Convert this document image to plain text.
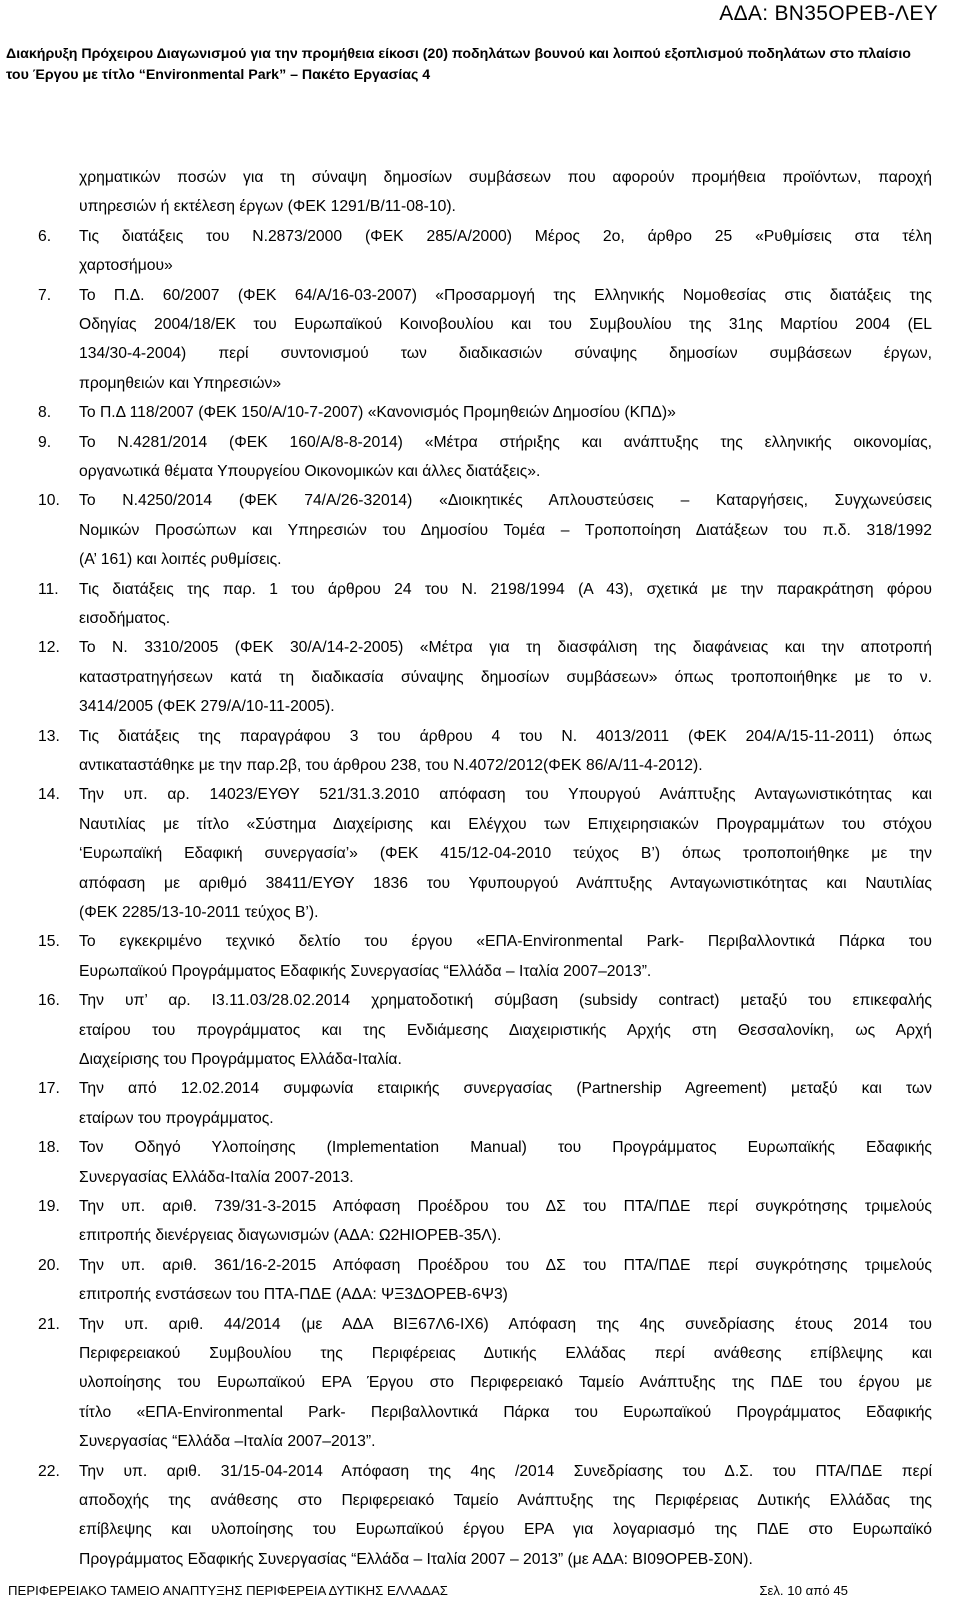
ΑΔΑ: ΒΝ35ΟΡΕΒ-ΛΕΥ
Διακήρυξη Πρόχειρου Διαγωνισμού για την προμήθεια είκοσι (20) ποδηλάτων βουνού και λοιπού εξοπλισμού ποδηλάτων στο πλαίσιο
του Έργου με τίτλο “Environmental Park” – Πακέτο Εργασίας 4
χρηματικών ποσών για τη σύναψη δημοσίων συμβάσεων που αφορούν προμήθεια προϊόντων, παροχή
υπηρεσιών ή εκτέλεση έργων (ΦΕΚ 1291/Β/11-08-10).
6. Τις διατάξεις του Ν.2873/2000 (ΦΕΚ 285/Α/2000) Μέρος 2ο, άρθρο 25 «Ρυθμίσεις στα τέλη
χαρτοσήμου»
7. Το Π.Δ. 60/2007 (ΦΕΚ 64/Α/16-03-2007) «Προσαρμογή της Ελληνικής Νομοθεσίας στις διατάξεις της
Οδηγίας 2004/18/ΕΚ του Ευρωπαϊκού Κοινοβουλίου και του Συμβουλίου της 31ης Μαρτίου 2004 (EL
134/30-4-2004) περί συντονισμού των διαδικασιών σύναψης δημοσίων συμβάσεων έργων,
προμηθειών και Υπηρεσιών»
8. Το Π.Δ 118/2007 (ΦΕΚ 150/Α/10-7-2007) «Κανονισμός Προμηθειών Δημοσίου (ΚΠΔ)»
9. Το Ν.4281/2014 (ΦΕΚ 160/Α/8-8-2014) «Μέτρα στήριξης και ανάπτυξης της ελληνικής οικονομίας,
οργανωτικά θέματα Υπουργείου Οικονομικών και άλλες διατάξεις».
10. Το Ν.4250/2014 (ΦΕΚ 74/Α/26-32014) «Διοικητικές Απλουστεύσεις – Καταργήσεις, Συγχωνεύσεις
Νομικών Προσώπων και Υπηρεσιών του Δημοσίου Τομέα – Τροποποίηση Διατάξεων του π.δ. 318/1992
(Α’ 161) και λοιπές ρυθμίσεις.
11. Τις διατάξεις της παρ. 1 του άρθρου 24 του Ν. 2198/1994 (Α 43), σχετικά με την παρακράτηση φόρου
εισοδήματος.
12. Το Ν. 3310/2005 (ΦΕΚ 30/Α/14-2-2005) «Μέτρα για τη διασφάλιση της διαφάνειας και την αποτροπή
καταστρατηγήσεων κατά τη διαδικασία σύναψης δημοσίων συμβάσεων» όπως τροποποιήθηκε με το ν.
3414/2005 (ΦΕΚ 279/Α/10-11-2005).
13. Τις διατάξεις της παραγράφου 3 του άρθρου 4 του Ν. 4013/2011 (ΦΕΚ 204/Α/15-11-2011) όπως
αντικαταστάθηκε με την παρ.2β, του άρθρου 238, του Ν.4072/2012(ΦΕΚ 86/Α/11-4-2012).
14. Την υπ. αρ. 14023/ΕΥΘΥ 521/31.3.2010 απόφαση του Υπουργού Ανάπτυξης Ανταγωνιστικότητας και
Ναυτιλίας με τίτλο «Σύστημα Διαχείρισης και Ελέγχου των Επιχειρησιακών Προγραμμάτων του στόχου
‘Ευρωπαϊκή Εδαφική συνεργασία’» (ΦΕΚ 415/12-04-2010 τεύχος Β’) όπως τροποποιήθηκε με την
απόφαση με αριθμό 38411/ΕΥΘΥ 1836 του Υφυπουργού Ανάπτυξης Ανταγωνιστικότητας και Ναυτιλίας
(ΦΕΚ 2285/13-10-2011 τεύχος Β’).
15. Το εγκεκριμένο τεχνικό δελτίο του έργου «ΕΠΑ-Environmental Park- Περιβαλλοντικά Πάρκα του
Ευρωπαϊκού Προγράμματος Εδαφικής Συνεργασίας “Ελλάδα – Ιταλία 2007–2013”.
16. Την υπ’ αρ. Ι3.11.03/28.02.2014 χρηματοδοτική σύμβαση (subsidy contract) μεταξύ του επικεφαλής
εταίρου του προγράμματος και της Ενδιάμεσης Διαχειριστικής Αρχής στη Θεσσαλονίκη, ως Αρχή
Διαχείρισης του Προγράμματος Ελλάδα-Ιταλία.
17. Την από 12.02.2014 συμφωνία εταιρικής συνεργασίας (Partnership Agreement) μεταξύ και των
εταίρων του προγράμματος.
18. Τον Οδηγό Υλοποίησης (Implementation Manual) του Προγράμματος Ευρωπαϊκής Εδαφικής
Συνεργασίας Ελλάδα-Ιταλία 2007-2013.
19. Την υπ. αριθ. 739/31-3-2015 Απόφαση Προέδρου του ΔΣ του ΠΤΑ/ΠΔΕ περί συγκρότησης τριμελούς
επιτροπής διενέργειας διαγωνισμών (ΑΔΑ: Ω2ΗΙΟΡΕΒ-35Λ).
20. Την υπ. αριθ. 361/16-2-2015 Απόφαση Προέδρου του ΔΣ του ΠΤΑ/ΠΔΕ περί συγκρότησης τριμελούς
επιτροπής ενστάσεων του ΠΤΑ-ΠΔΕ (ΑΔΑ: ΨΞ3ΔΟΡΕΒ-6Ψ3)
21. Την υπ. αριθ. 44/2014 (με ΑΔΑ ΒΙΞ67Λ6-ΙΧ6) Απόφαση της 4ης συνεδρίασης έτους 2014 του
Περιφερειακού Συμβουλίου της Περιφέρειας Δυτικής Ελλάδας περί ανάθεσης επίβλεψης και
υλοποίησης του Ευρωπαϊκού ΕΡΑ Έργου στο Περιφερειακό Ταμείο Ανάπτυξης της ΠΔΕ του έργου με
τίτλο «ΕΠΑ-Environmental Park- Περιβαλλοντικά Πάρκα του Ευρωπαϊκού Προγράμματος Εδαφικής
Συνεργασίας “Ελλάδα –Ιταλία 2007–2013”.
22. Την υπ. αριθ. 31/15-04-2014 Απόφαση της 4ης /2014 Συνεδρίασης του Δ.Σ. του ΠΤΑ/ΠΔΕ περί
αποδοχής της ανάθεσης στο Περιφερειακό Ταμείο Ανάπτυξης της Περιφέρειας Δυτικής Ελλάδας της
επίβλεψης και υλοποίησης του Ευρωπαϊκού έργου ΕΡΑ για λογαριασμό της ΠΔΕ στο Ευρωπαϊκό
Προγράμματος Εδαφικής Συνεργασίας “Ελλάδα – Ιταλία 2007 – 2013” (με ΑΔΑ: ΒΙ09ΟΡΕΒ-Σ0Ν).
ΠΕΡΙΦΕΡΕΙΑΚΟ ΤΑΜΕΙΟ ΑΝΑΠΤΥΞΗΣ ΠΕΡΙΦΕΡΕΙΑ ΔΥΤΙΚΗΣ ΕΛΛΑΔΑΣ	Σελ. 10 από 45
